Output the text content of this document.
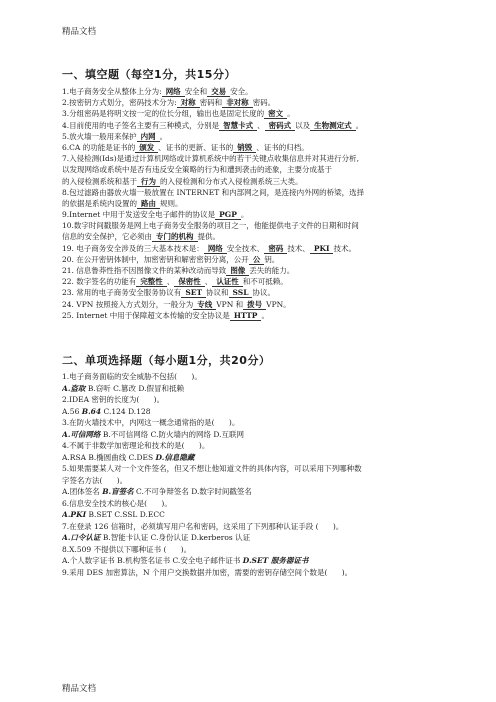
精品文档
一、填空题（每空1分，共15分）
1.电子商务安全从整体上分为: 网络 安全和 交易 安全。
2.按密钥方式划分，密码技术分为: 对称 密码和 非对称 密码。
3.分组密码是将明文按一定的位长分组，输出也是固定长度的 密文 。
4.目前使用的电子签名主要有三种模式，分别是 智慧卡式 、 密码式 以及 生物测定式 。
5.放火墙一般用来保护 内网 。
6.CA 的功能是证书的 颁发 、证书的更新、证书的 销毁 、证书的归档。
7.入侵检测(Ids)是通过计算机网络或计算机系统中的若干关键点收集信息并对其进行分析,
以发现网络或系统中是否有违反安全策略的行为和遭到袭击的迹象，主要分成基于
的入侵检测系统和基于 行为 的入侵检测和分布式入侵检测系统三大类。
8.包过滤路由器放火墙一般放置在 INTERNET 和内部网之间，是连接内外网的桥梁，选择
的依据是系统内设置的 路由 规则。
9.Internet 中用于发送安全电子邮件的协议是 PGP 。
10.数字时间戳服务是网上电子商务安全服务的项目之一，他能提供电子文件的日期和时间
信息的安全保护，它必须由 专门的机构 提供。
19. 电子商务安全涉及的三大基本技术是： 网络 安全技术、 密码 技术、 PKI 技术。
20. 在公开密钥体制中，加密密钥和解密密钥分离，公开 公 钥。
21. 信息鲁莽性指不因图像文件的某种改动而导致 图像 丢失的能力。
22. 数字签名的功能有 完整性 、 保密性 、 认证性 和不可抵赖。
23. 常用的电子商务安全服务协议有 SET 协议和 SSL 协议。
24. VPN 按照接入方式划分，一般分为 专线 VPN 和 拨号 VPN。
25. Internet 中用于保障超文本传输的安全协议是 HTTP 。
二、单项选择题（每小题1分，共20分）
1.电子商务面临的安全威胁不包括( )。
A.盗取 B.窃听 C.篡改 D.假冒和抵赖
2.IDEA 密钥的长度为( )。
A.56 B.64 C.124 D.128
3.在防火墙技术中，内网这一概念通常指的是( )。
A.可信网络 B.不可信网络 C.防火墙内的网络 D.互联网
4.不属于非数学加密理论和技术的是( )。
A.RSA B.椭圆曲线 C.DES D.信息隐藏
5.如果需要某人对一个文件签名，但又不想让他知道文件的具体内容，可以采用下列哪种数
字签名方法( )。
A.团体签名 B.盲签名 C.不可争辩签名 D.数字时间戳签名
6.信息安全技术的核心是( )。
A.PKI B.SET C.SSL D.ECC
7.在登录 126 信箱时，必须填写用户名和密码，这采用了下列那种认证手段 ( )。
A.口令认证 B.智能卡认证 C.身份认证 D.kerberos 认证
8.X.509 不提供以下哪种证书 ( )。
A.个人数字证书 B.机构签名证书 C.安全电子邮件证书 D.SET 服务器证书
9.采用 DES 加密算法，N 个用户交换数据并加密，需要的密钥存储空间个数是( )。
精品文档
